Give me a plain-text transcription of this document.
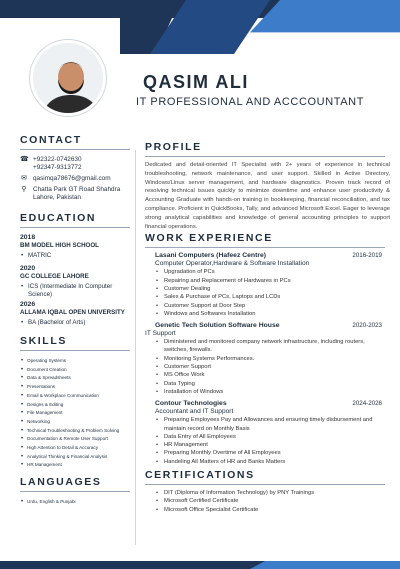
QASIM ALI
IT PROFESSIONAL AND ACCCOUNTANT
CONTACT
☎ +92322-0742630
+92347-9313772
✉ qasimqa78676@gmail.com
⚲ Chatta Park GT Road Shahdra Lahore, Pakistan
EDUCATION
2018
BM MODEL HIGH SCHOOL
• MATRIC
2020
GC COLLEGE LAHORE
• ICS (Intermediate In Computer Science)
2026
ALLAMA IQBAL OPEN UNIVERSITY
• BA (Bachelor of Arts)
SKILLS
• Operating Systems
• Document Creation
• Data & Spreadsheets
• Presentations
• Email & Workplace Communication
• Designs & Editing
• File Management
• Networking
• Technical Troubleshooting & Problem Solving
• Documentation & Remote User Support
• High Attention to Detail & Accuracy
• Analytical Thinking & Financial Analysis
• HR Management
LANGUAGES
• Urdu, English & Punjabi
PROFILE

Dedicated and detail-oriented IT Specialist with 2+ years of experience in technical troubleshooting, network maintenance, and user support. Skilled in Active Directory, Windows/Linux server management, and hardware diagnostics. Proven track record of resolving technical issues quickly to minimize downtime and enhance user productivity & Accounting Graduate with hands-on training in bookkeeping, financial reconciliation, and tax compliance. Proficient in QuickBooks, Tally, and advanced Microsoft Excel. Eager to leverage strong analytical capabilities and knowledge of general accounting principles to support financial operations.

WORK EXPERIENCE
Lasani Computers (Hafeez Centre)	2016-2019
Computer Operator,Hardware & Software Installation
• Upgradation of PCs
• Repairing and Replacement of Hardwares in PCs
• Customer Dealing
• Sales & Purchase of PCs, Laptops and LCDs
• Customer Support at Door Step
• Windows and Softwares Installation
Genetic Tech Solution Software House	2020-2023
IT Support
• Diministered and monitored company network infrastructure, including routers, switches, firewalls.
• Monitoring Systems Performances.
• Customer Support
• MS Office Work
• Data Typing
• Installation of Windows
Contour Technologies	2024-2026
Accountant and IT Support
• Preparing Employees Pay and Allowances and ensuring timely disbursement and maintain record on Monthly Basis
• Data Entry of All Employees
• HR Management
• Preparing Monthly Overtime of All Employees
• Handeling All Matters of HR and Banks Matters
CERTIFICATIONS
• DIT (Diploma of Information Technology) by PNY Trainings
• Microsoft Certified Certificate
• Microsoft Office Specialist Certificate
